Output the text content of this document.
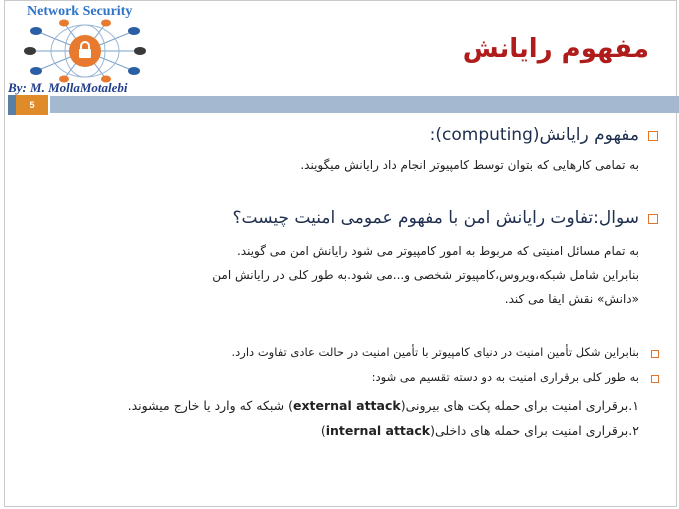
Network Security
By: M. MollaMotalebi
مفهوم رایانش
5
مفهوم رایانش(computing):
به تمامی کارهایی که بتوان توسط کامپیوتر انجام داد رایانش میگویند.
سوال:تفاوت رایانش امن با مفهوم عمومی امنیت چیست؟
به تمام مسائل امنیتی که مربوط به امور کامپیوتر می شود رایانش امن می گویند.
بنابراین شامل شبکه،ویروس،کامپیوتر شخصی و...می شود.به طور کلی در رایانش امن
«دانش» نقش ایفا می کند.
بنابراین شکل تأمین امنیت در دنیای کامپیوتر با تأمین امنیت در حالت عادی تفاوت دارد.
به طور کلی برقراری امنیت به دو دسته تقسیم می شود:
۱.برقراری امنیت برای حمله پکت های بیرونی(external attack) شبکه که وارد یا خارج میشوند.
۲.برقراری امنیت برای حمله های داخلی(internal attack)
